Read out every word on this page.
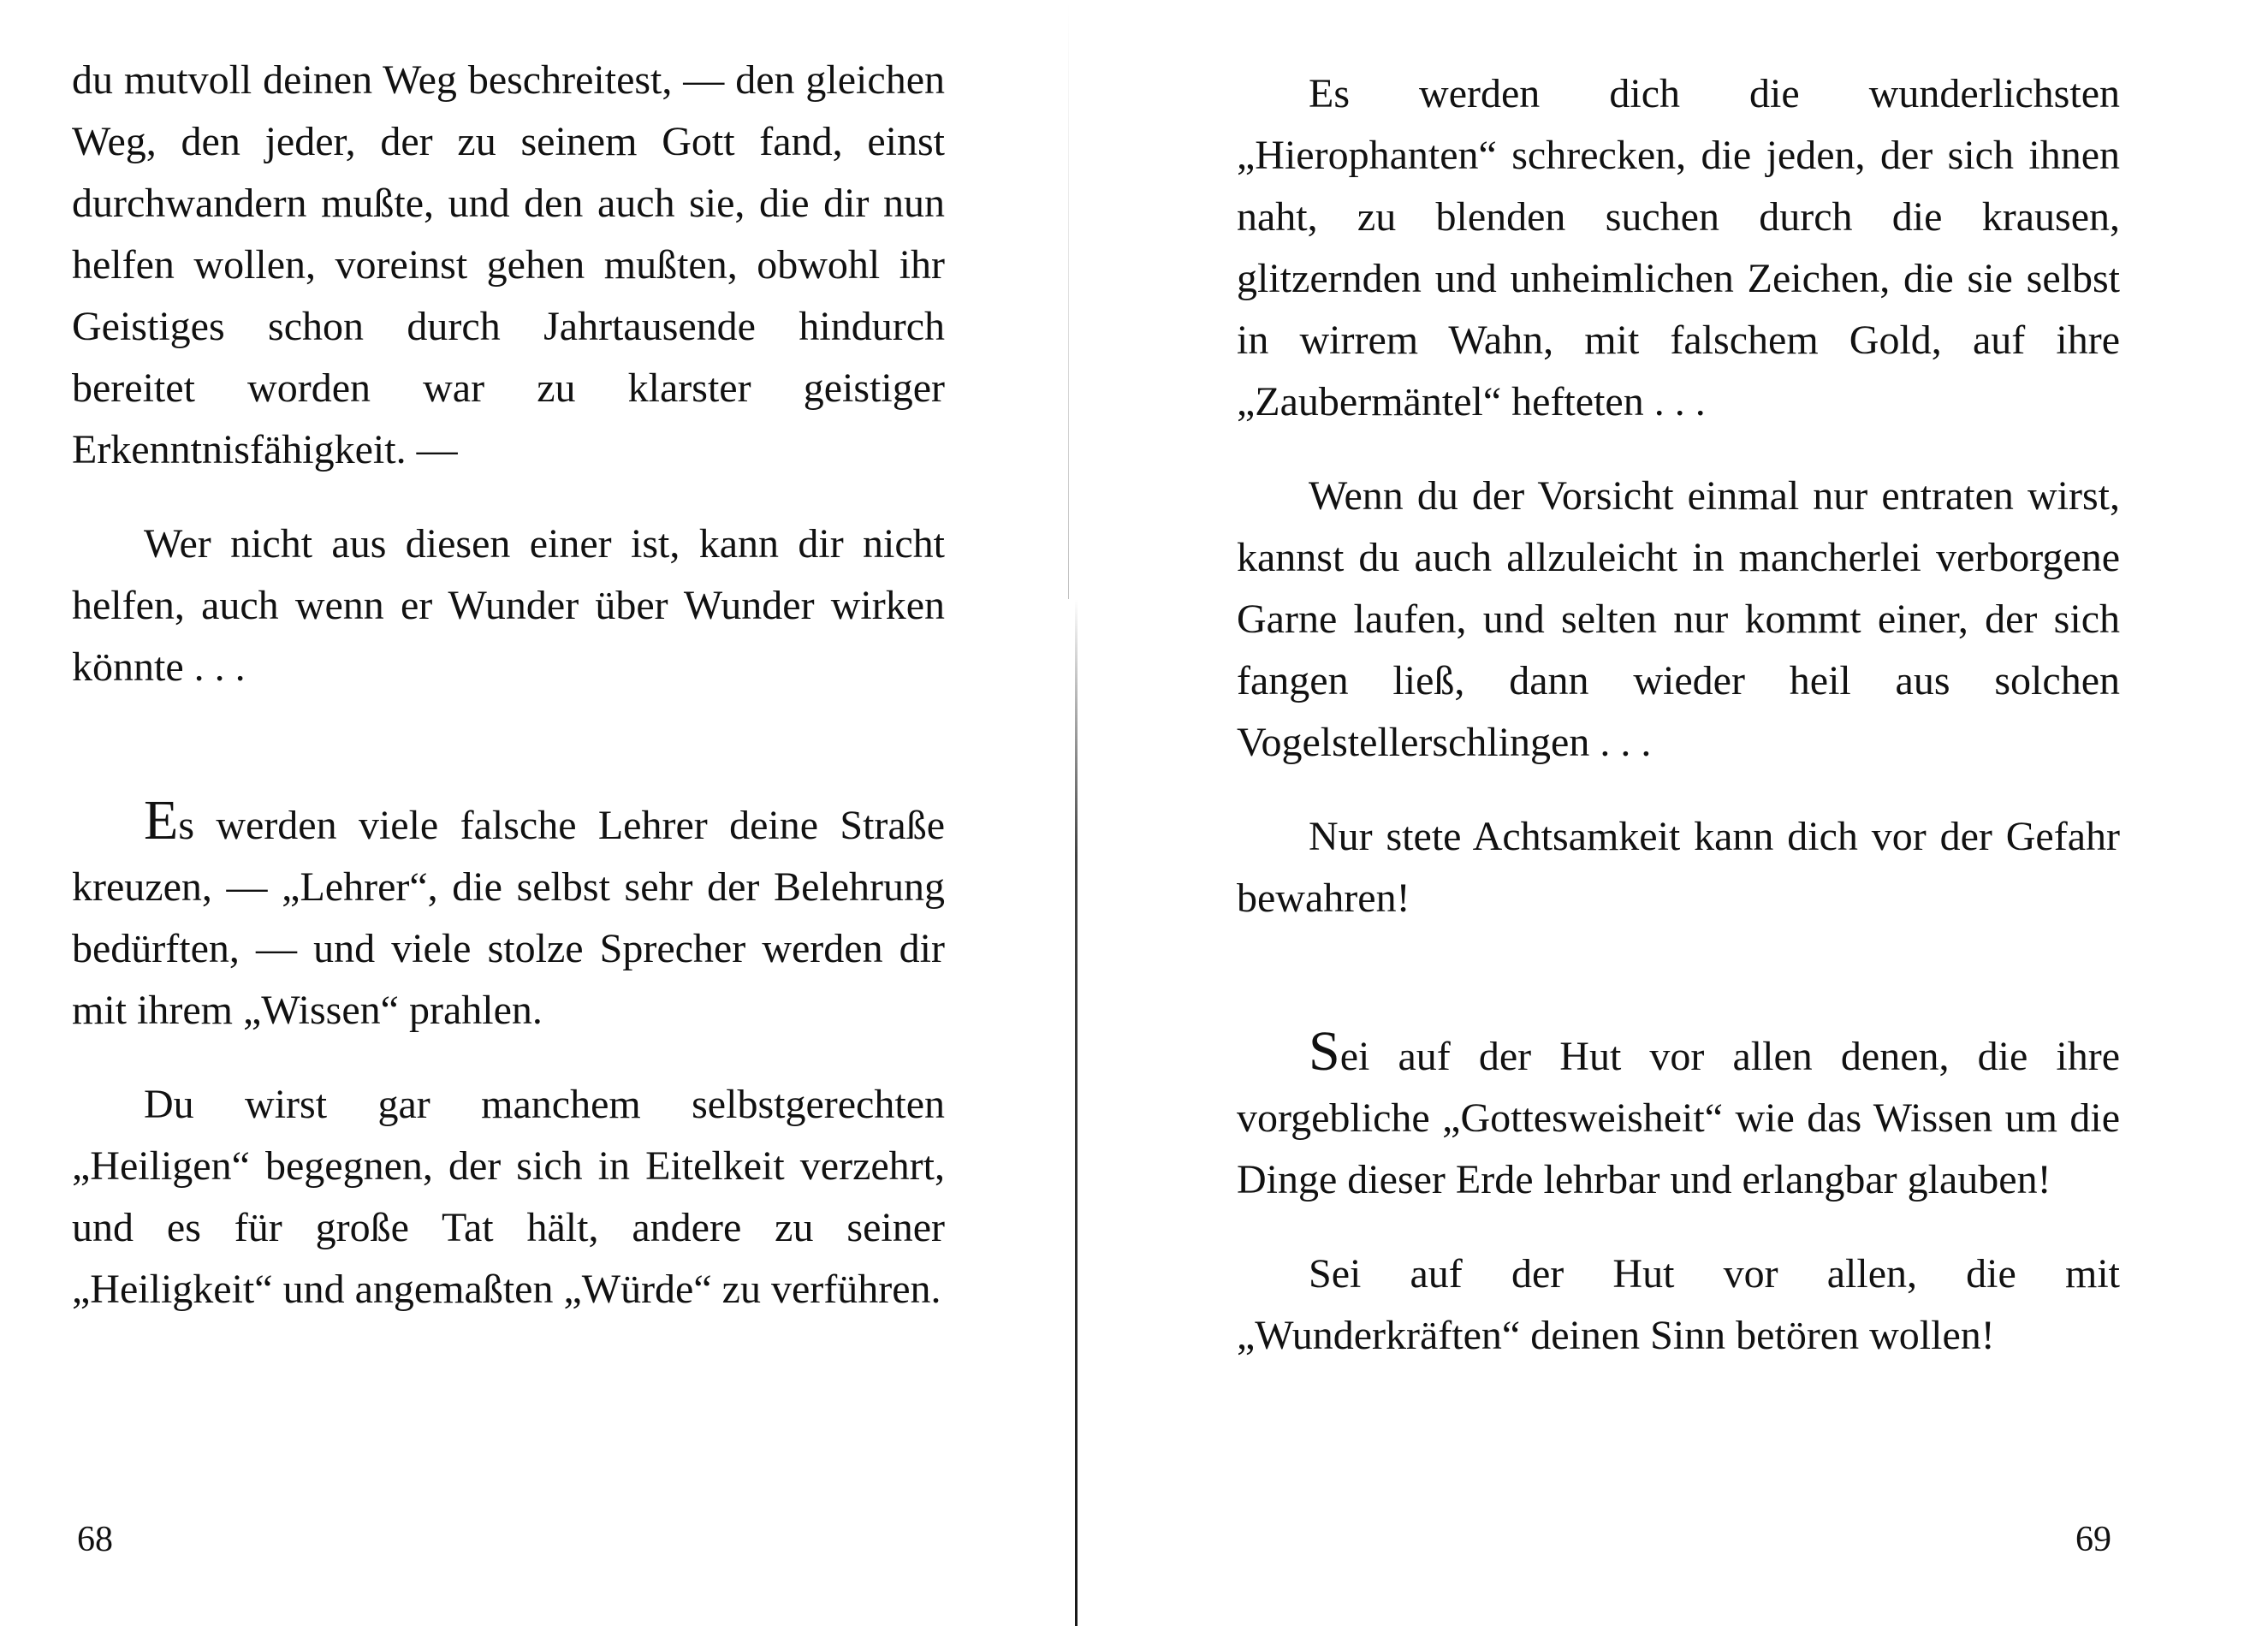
du mutvoll deinen Weg beschreitest, — den gleichen Weg, den jeder, der zu seinem Gott fand, einst durchwandern mußte, und den auch sie, die dir nun helfen wollen, voreinst gehen mußten, obwohl ihr Geistiges schon durch Jahrtausende hindurch bereitet worden war zu klarster geistiger Erkenntnisfähigkeit. —

Wer nicht aus diesen einer ist, kann dir nicht helfen, auch wenn er Wunder über Wunder wirken könnte . . .

Es werden viele falsche Lehrer deine Straße kreuzen, — „Lehrer“, die selbst sehr der Belehrung bedürften, — und viele stolze Sprecher werden dir mit ihrem „Wissen“ prahlen.

Du wirst gar manchem selbstgerechten „Heiligen“ begegnen, der sich in Eitelkeit verzehrt, und es für große Tat hält, andere zu seiner „Heiligkeit“ und angemaßten „Würde“ zu verführen.

68

Es werden dich die wunderlichsten „Hierophanten“ schrecken, die jeden, der sich ihnen naht, zu blenden suchen durch die krausen, glitzernden und unheimlichen Zeichen, die sie selbst in wirrem Wahn, mit falschem Gold, auf ihre „Zaubermäntel“ hefteten . . .

Wenn du der Vorsicht einmal nur entraten wirst, kannst du auch allzuleicht in mancherlei verborgene Garne laufen, und selten nur kommt einer, der sich fangen ließ, dann wieder heil aus solchen Vogelstellerschlingen . . .

Nur stete Achtsamkeit kann dich vor der Gefahr bewahren!

Sei auf der Hut vor allen denen, die ihre vorgebliche „Gottesweisheit“ wie das Wissen um die Dinge dieser Erde lehrbar und erlangbar glauben!

Sei auf der Hut vor allen, die mit „Wunderkräften“ deinen Sinn betören wollen!

69
